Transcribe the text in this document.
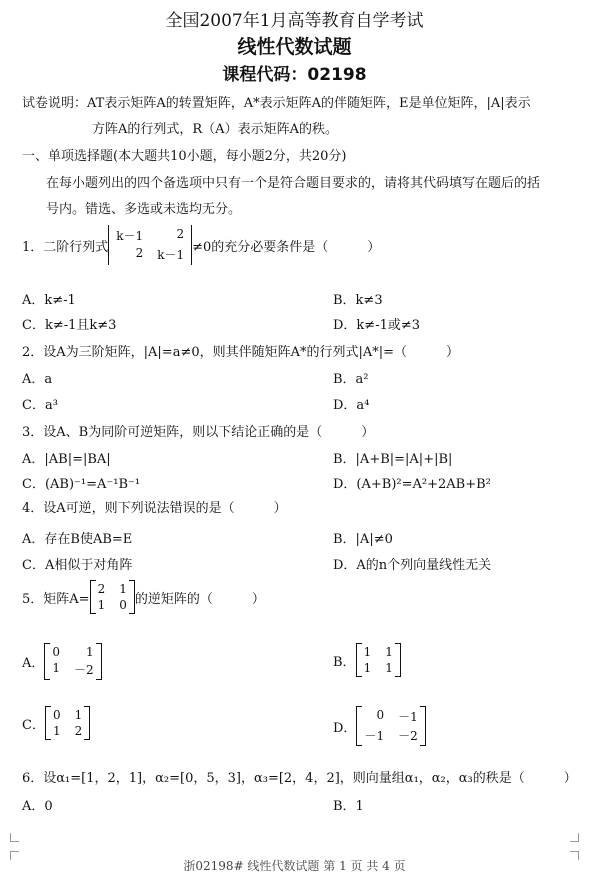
全国2007年1月高等教育自学考试
线性代数试题
课程代码：02198
试卷说明：AT表示矩阵A的转置矩阵，A*表示矩阵A的伴随矩阵，E是单位矩阵，|A|表示
方阵A的行列式，R（A）表示矩阵A的秩。
一、单项选择题(本大题共10小题，每小题2分，共20分)
在每小题列出的四个备选项中只有一个是符合题目要求的，请将其代码填写在题后的括
号内。错选、多选或未选均无分。
1．二阶行列式
k－1	2
2 k－1
≠0的充分必要条件是（　　　）
A．k≠-1	B．k≠3
C．k≠-1且k≠3	D．k≠-1或≠3
2．设A为三阶矩阵，|A|=a≠0，则其伴随矩阵A*的行列式|A*|=（　　　）
A．a	B．a²
C．a³	D．a⁴
3．设A、B为同阶可逆矩阵，则以下结论正确的是（　　　）
A．|AB|=|BA|	B．|A+B|=|A|+|B|
C．(AB)⁻¹=A⁻¹B⁻¹	D．(A+B)²=A²+2AB+B²
4．设A可逆，则下列说法错误的是（　　　）
A．存在B使AB=E	B．|A|≠0
C．A相似于对角阵	D．A的n个列向量线性无关
5．矩阵A=
2 1
1 0 的逆矩阵的（　　　）
A．
0	1
1 －2
B．
1 1
1 1
C．
0 1
1 2	D．
0 －1
－1 －2
6．设α₁=[1，2，1]，α₂=[0，5，3]，α₃=[2，4，2]，则向量组α₁，α₂，α₃的秩是（　　　）
A．0	B．1
浙02198# 线性代数试题 第 1 页 共 4 页
